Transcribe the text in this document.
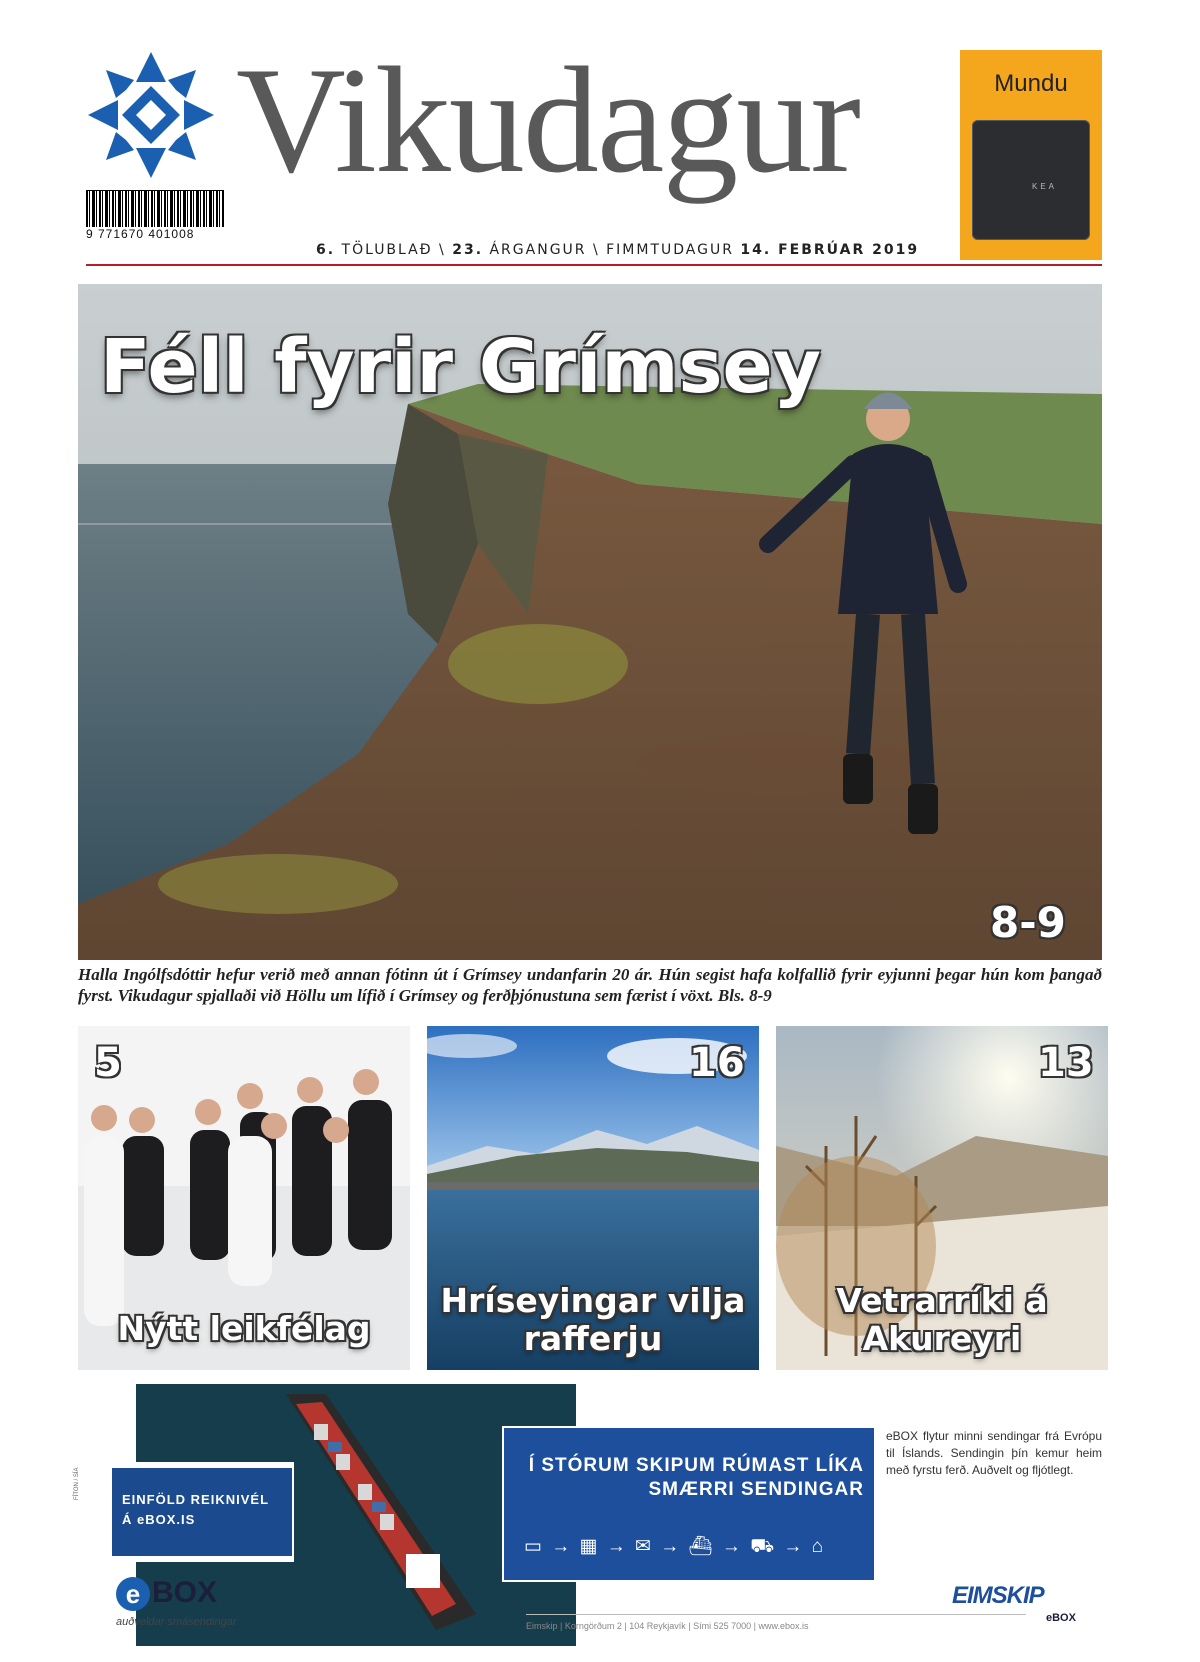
Vikudagur
9 771670 401008
6. TÖLUBLAÐ \ 23. ÁRGANGUR \ FIMMTUDAGUR 14. FEBRÚAR 2019
Mundu
KEA
Féll fyrir Grímsey
8-9
Halla Ingólfsdóttir hefur verið með annan fótinn út í Grímsey undanfarin 20 ár. Hún segist hafa kolfallið fyrir eyjunni þegar hún kom þangað fyrst. Vikudagur spjallaði við Höllu um lífið í Grímsey og ferðþjónustuna sem færist í vöxt. Bls. 8-9
5
Nýtt leikfélag
16
Hríseyingar vilja rafferju
13
Vetrarríki á Akureyri
EINFÖLD REIKNIVÉL
Á eBOX.IS
e BOX
auðveldar smásendingar
Í STÓRUM SKIPUM RÚMAST LÍKA
SMÆRRI SENDINGAR
▭ → ▦ → ✉ → ⛴ → ⛟ → ⌂
eBOX flytur minni sendingar frá Evrópu til Íslands. Sendingin þín kemur heim með fyrstu ferð. Auðvelt og fljótlegt.
Eimskip | Korngörðum 2 | 104 Reykjavík | Sími 525 7000 | www.ebox.is
EIMSKIP
eBOX
FÍTON / SÍA
